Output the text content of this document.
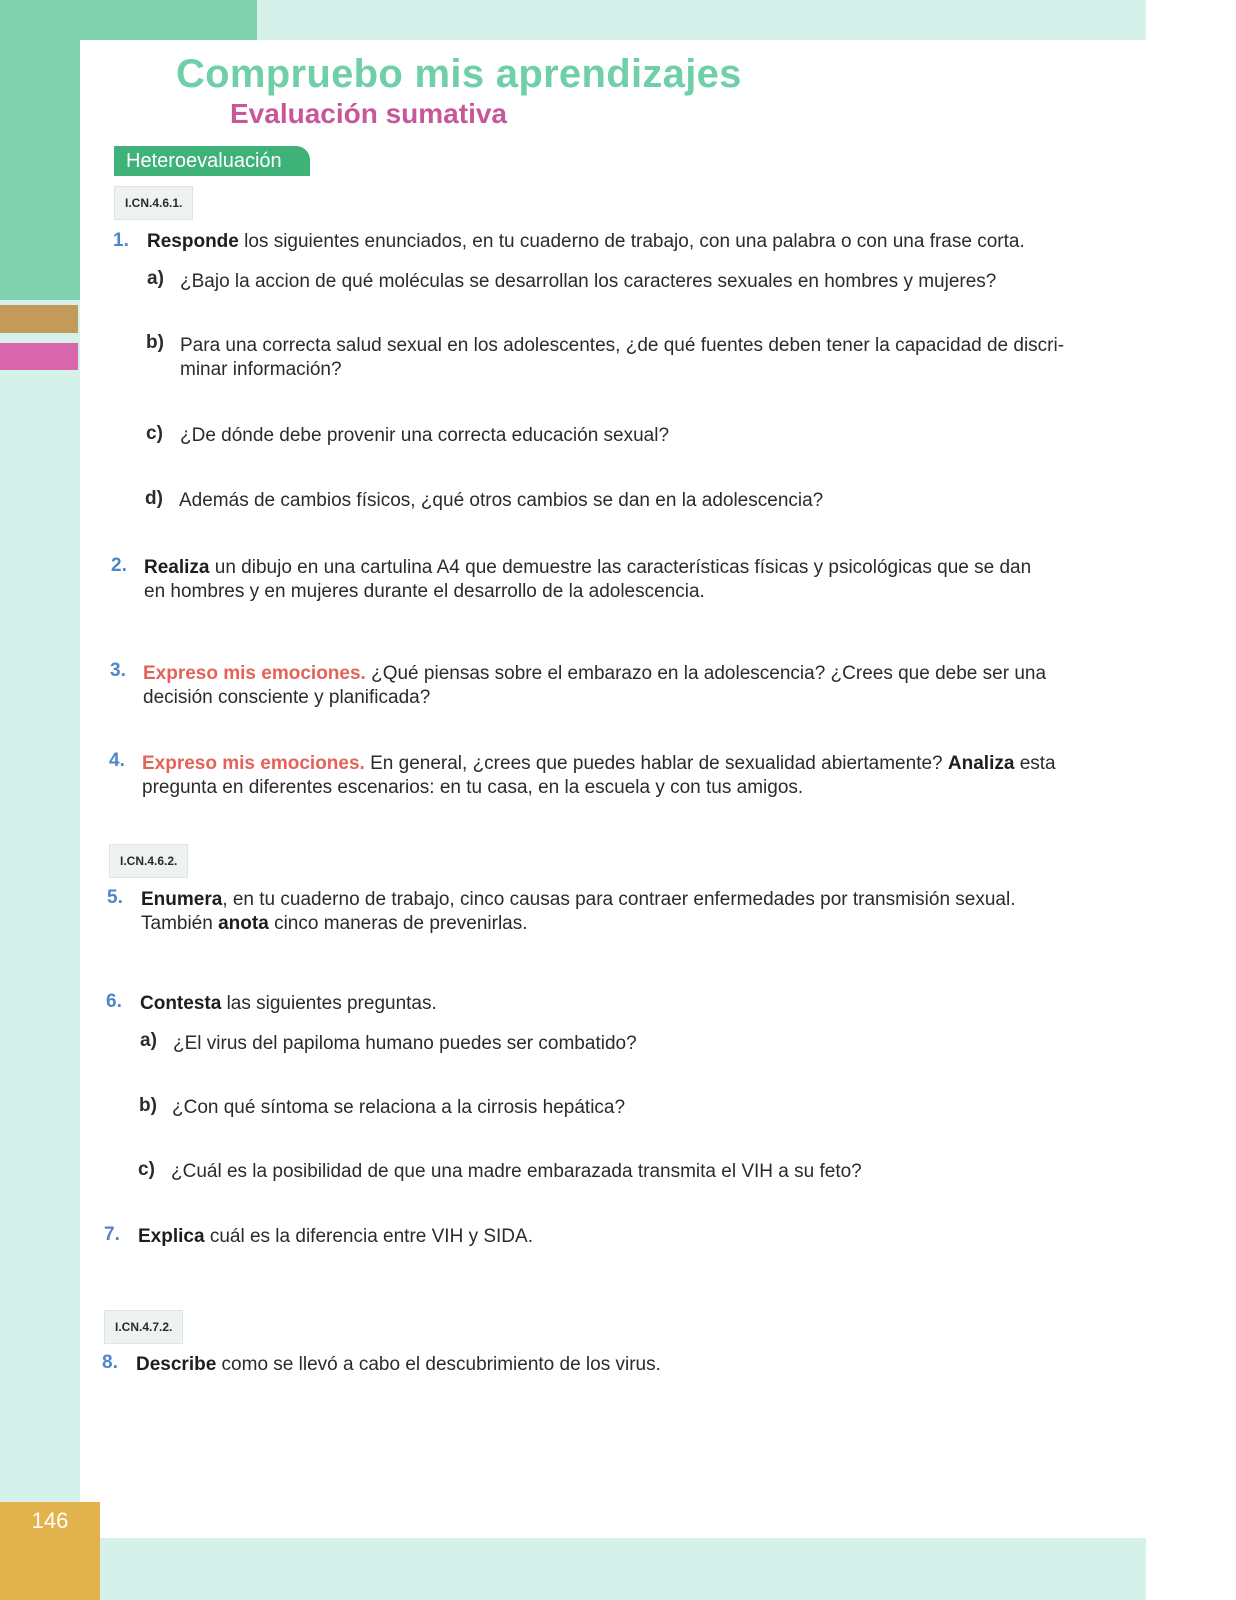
Compruebo mis aprendizajes
Evaluación sumativa
Heteroevaluación
I.CN.4.6.1.
1. Responde los siguientes enunciados, en tu cuaderno de trabajo, con una palabra o con una frase corta.
a) ¿Bajo la accion de qué moléculas se desarrollan los caracteres sexuales en hombres y mujeres?
b) Para una correcta salud sexual en los adolescentes, ¿de qué fuentes deben tener la capacidad de discri-
minar información?
c) ¿De dónde debe provenir una correcta educación sexual?
d) Además de cambios físicos, ¿qué otros cambios se dan en la adolescencia?
2. Realiza un dibujo en una cartulina A4 que demuestre las características físicas y psicológicas que se dan
en hombres y en mujeres durante el desarrollo de la adolescencia.
3. Expreso mis emociones. ¿Qué piensas sobre el embarazo en la adolescencia? ¿Crees que debe ser una
decisión consciente y planificada?
4. Expreso mis emociones. En general, ¿crees que puedes hablar de sexualidad abiertamente? Analiza esta
pregunta en diferentes escenarios: en tu casa, en la escuela y con tus amigos.
I.CN.4.6.2.
5. Enumera, en tu cuaderno de trabajo, cinco causas para contraer enfermedades por transmisión sexual.
También anota cinco maneras de prevenirlas.
6. Contesta las siguientes preguntas.
a) ¿El virus del papiloma humano puedes ser combatido?
b) ¿Con qué síntoma se relaciona a la cirrosis hepática?
c) ¿Cuál es la posibilidad de que una madre embarazada transmita el VIH a su feto?
7. Explica cuál es la diferencia entre VIH y SIDA.
I.CN.4.7.2.
8. Describe como se llevó a cabo el descubrimiento de los virus.
146
